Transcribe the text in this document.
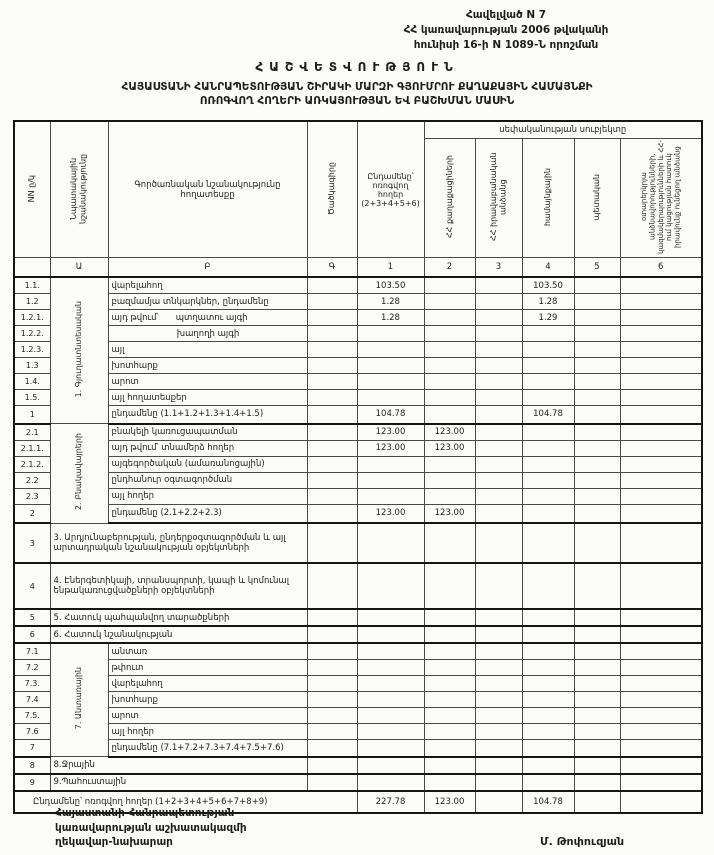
Հավելված N 7
ՀՀ կառավարության 2006 թվականի
հունիսի 16-ի N 1089-Ն որոշման
ՀԱՇՎԵՏՎՈՒԹՅՈՒՆ
ՀԱՅԱՍՏԱՆԻ ՀԱՆՐԱՊԵՏՈՒԹՅԱՆ ՇԻՐԱԿԻ ՄԱՐԶԻ ԳՅՈՒՄՐՈՒ ՔԱՂԱՔԱՅԻՆ ՀԱՄԱՅՆՔԻ
ՈՌՈԳՎՈՂ ՀՈՂԵՐԻ ԱՌԿԱՅՈՒԹՅԱՆ ԵՎ ԲԱՇԽՄԱՆ ՄԱՍԻՆ
NN ը/կ	Նպատակային նշանակությունը	Գործառնական նշանակությունը հողատեսքը	Ծածկագիրը	Ընդամենը՝ ոռոգվող հողեր (2+3+4+5+6)	սեփականության սուբյեկտը				
					ՀՀ քաղաքացիների	ՀՀ իրավաբանական անձանց	համայնքային	պետական	օտարերկրյա անձնավորությունների, կազմակերպությունների և ՀՀ-ում կացության հատուկ իրավունք ունեցող անձանց
	Ա	Բ	Գ	1	2	3	4	5	6
1.1.	1. Գյուղատնտեսական	վարելահող		103.50			103.50		
1.2		բազմամյա տնկարկներ, ընդամենը		1.28			1.28		
1.2.1.		այդ թվում՝ պտղատու այգի		1.28			1.29		
1.2.2.		խաղողի այգի							
1.2.3.		այլ							
1.3		խոտհարք							
1.4.		արոտ							
1.5.		այլ հողատեսքեր							
1		ընդամենը (1.1+1.2+1.3+1.4+1.5)		104.78			104.78		
2.1	2. Բնակավայրերի	բնակելի կառուցապատման		123.00	123.00				
2.1.1.		այդ թվում՝ տնամերձ հողեր		123.00	123.00				
2.1.2.		այգեգործական (ամառանոցային)							
2.2		ընդհանուր օգտագործման							
2.3		այլ հողեր							
2		ընդամենը (2.1+2.2+2.3)		123.00	123.00				
3	3. Արդյունաբերության, ընդերքօգտագործման և այլ արտադրական նշանակության օբյեկտների								
4	4. Էներգետիկայի, տրանսպորտի, կապի և կոմունալ ենթակառուցվածքների օբյեկտների								
5	5. Հատուկ պահպանվող տարածքների								
6	6. Հատուկ նշանակության								
7.1	7. Անտառային	անտառ							
7.2		թփուտ							
7.3.		վարելահող							
7.4		խոտհարք							
7.5.		արոտ							
7.6		այլ հողեր							
7		ընդամենը (7.1+7.2+7.3+7.4+7.5+7.6)							
8	8.Ջրային								
9	9.Պահուստային								
Ընդամենը՝ ոռոգվող հողեր (1+2+3+4+5+6+7+8+9)				227.78	123.00		104.78		
Հայաստանի Հանրապետության
կառավարության աշխատակազմի
ղեկավար-նախարար	Մ. Թոփուզյան
